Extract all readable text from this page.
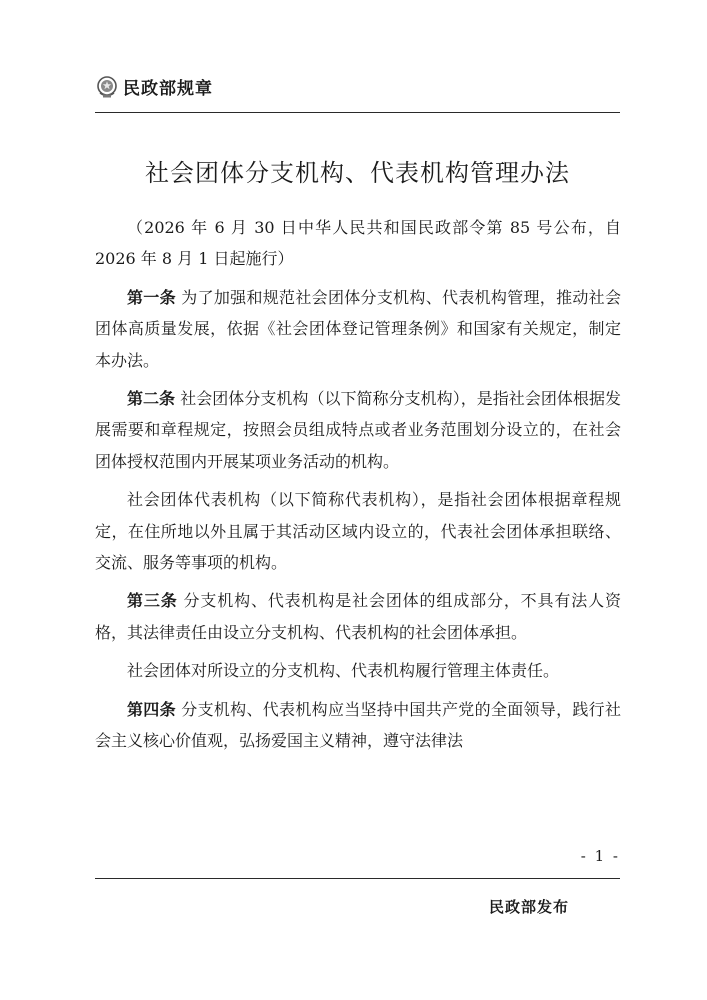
民政部规章
社会团体分支机构、代表机构管理办法

（2026 年 6 月 30 日中华人民共和国民政部令第 85 号公布，自 2026 年 8 月 1 日起施行）

第一条 为了加强和规范社会团体分支机构、代表机构管理，推动社会团体高质量发展，依据《社会团体登记管理条例》和国家有关规定，制定本办法。

第二条 社会团体分支机构（以下简称分支机构），是指社会团体根据发展需要和章程规定，按照会员组成特点或者业务范围划分设立的，在社会团体授权范围内开展某项业务活动的机构。

社会团体代表机构（以下简称代表机构），是指社会团体根据章程规定，在住所地以外且属于其活动区域内设立的，代表社会团体承担联络、交流、服务等事项的机构。

第三条 分支机构、代表机构是社会团体的组成部分，不具有法人资格，其法律责任由设立分支机构、代表机构的社会团体承担。

社会团体对所设立的分支机构、代表机构履行管理主体责任。

第四条 分支机构、代表机构应当坚持中国共产党的全面领导，践行社会主义核心价值观，弘扬爱国主义精神，遵守法律法

- 1 -
民政部发布
